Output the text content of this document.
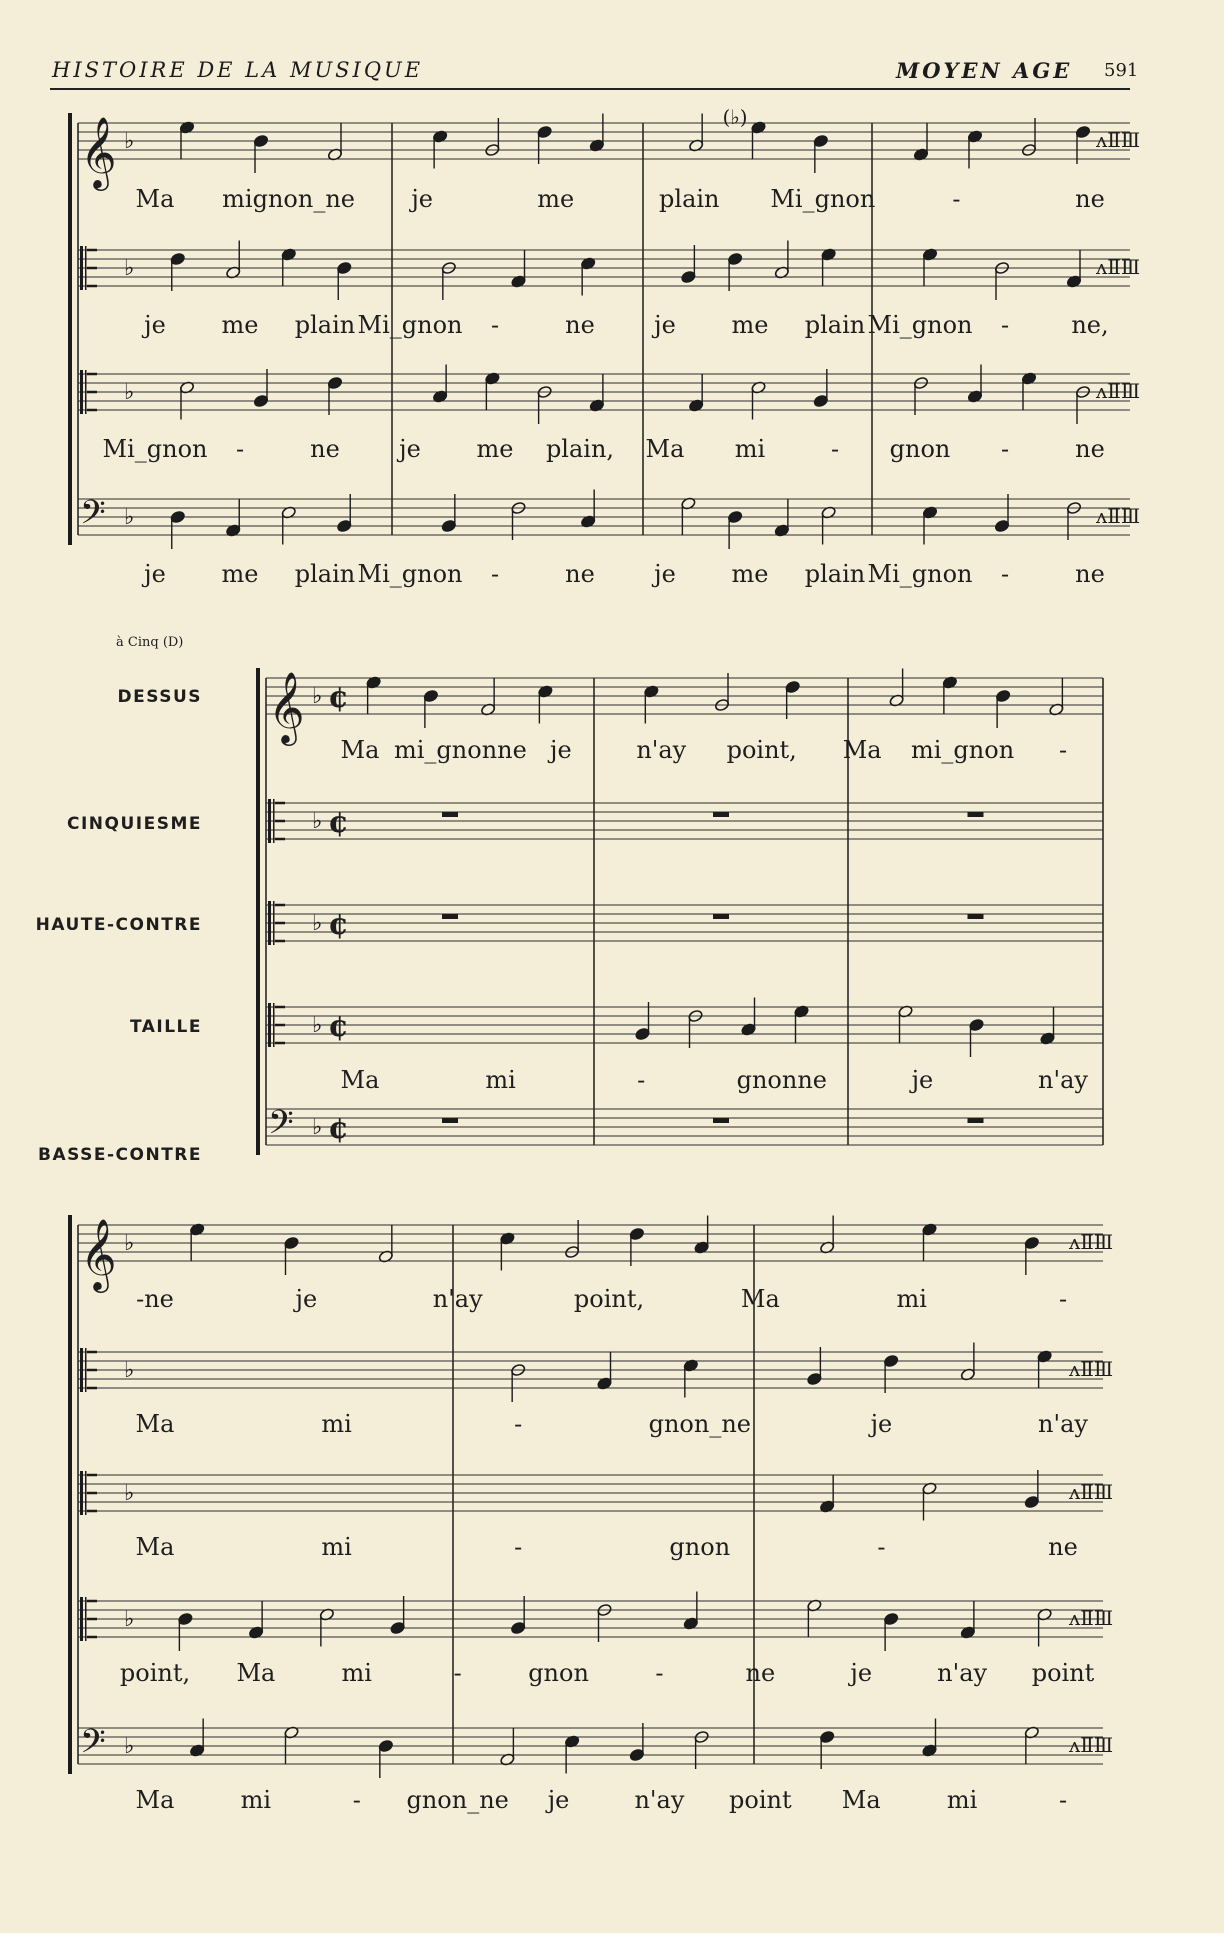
HISTOIRE DE LA MUSIQUE	MOYEN AGE 591
𝄞 ♭	ʌⅡⅢ
Ma mignon_ne je	me	plain Mi_gnon	-	ne
♭	ʌⅡⅢ
je me plain Mi_gnon -	ne je me plain Mi_gnon -	ne,
♭	ʌⅡⅢ
Mi_gnon -	ne je me plain, Ma mi	- gnon -	ne
𝄢 ♭	ʌⅡⅢ
je me plain Mi_gnon -	ne je me plain Mi_gnon -	ne
(♭)
à Cinq (D)
𝄞 ♭ ¢
DESSUS
Ma mi_gnonne je	n'ay point, Ma mi_gnon -
♭ ¢
CINQUIESME
♭ ¢
HAUTE-CONTRE
♭ ¢
TAILLE
Ma	mi	-	gnonne	je	n'ay
𝄢 ♭ ¢
BASSE-CONTRE
𝄞 ♭	ʌⅡⅢ
-ne	je	n'ay	point,	Ma	mi	-
♭	ʌⅡⅢ
Ma	mi	-	gnon_ne	je	n'ay
♭	ʌⅡⅢ
Ma	mi	-	gnon	-	ne
♭	ʌⅡⅢ
point, Ma	mi	-	gnon	-	ne	je	n'ay point
𝄢 ♭	ʌⅡⅢ
Ma	mi	- gnon_ne je	n'ay point Ma	mi	-
